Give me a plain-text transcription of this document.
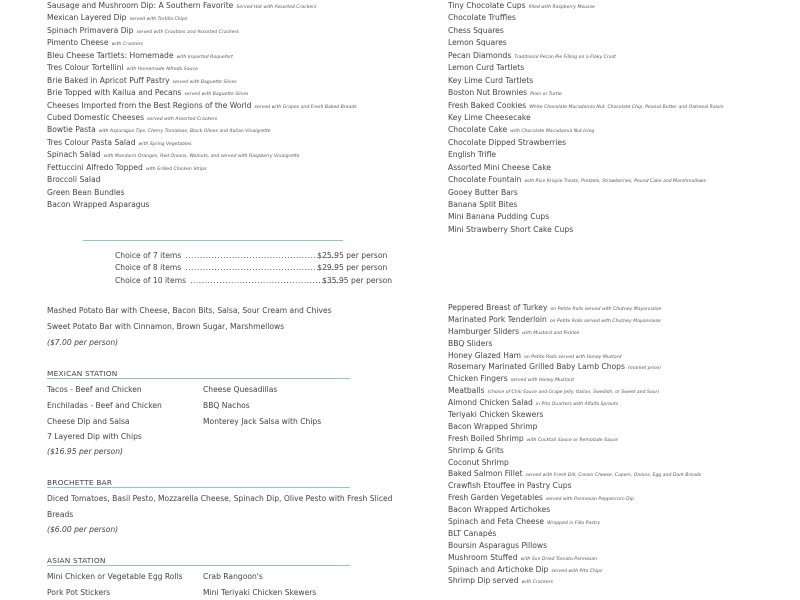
Sausage and Mushroom Dip: A Southern Favorite Served Hot with Assorted Crackers
Mexican Layered Dip served with Tortilla Chips
Spinach Primavera Dip served with Croutons and Assorted Crackers
Pimento Cheese with Crackers
Bleu Cheese Tartlets: Homemade with Imported Roquefort
Tres Colour Tortellini with Homemade Alfredo Sauce
Brie Baked in Apricot Puff Pastry served with Baguette Slices
Brie Topped with Kailua and Pecans served with Baguette Slices
Cheeses Imported from the Best Regions of the World served with Grapes and Fresh Baked Breads
Cubed Domestic Cheeses served with Assorted Crackers
Bowtie Pasta with Asparagus Tips, Cherry Tomatoes, Black Olives and Italian Vinaigrette
Tres Colour Pasta Salad with Spring Vegetables
Spinach Salad with Mandarin Oranges, Red Onions, Walnuts, and served with Raspberry Vinaigrette
Fettuccini Alfredo Topped with Grilled Chicken Strips
Broccoli Salad
Green Bean Bundles
Bacon Wrapped Asparagus
Tiny Chocolate Cups filled with Raspberry Mousse
Chocolate Truffles
Chess Squares
Lemon Squares
Pecan Diamonds Traditional Pecan Pie Filling on a Flaky Crust
Lemon Curd Tartlets
Key Lime Curd Tartlets
Boston Nut Brownies Plain or Turtle
Fresh Baked Cookies White Chocolate Macadamia Nut, Chocolate Chip, Peanut Butter and Oatmeal Raisin
Key Lime Cheesecake
Chocolate Cake with Chocolate Macadamia Nut Icing
Chocolate Dipped Strawberries
English Trifle
Assorted Mini Cheese Cake
Chocolate Fountain with Rice Krispie Treats, Pretzels, Strawberries, Pound Cake and Marshmallows
Gooey Butter Bars
Banana Split Bites
Mini Banana Pudding Cups
Mini Strawberry Short Cake Cups
Choice of 7 items ....................................................$25.95 per person
Choice of 8 items ....................................................$29.95 per person
Choice of 10 items ....................................................$35.95 per person
Mashed Potato Bar with Cheese, Bacon Bits, Salsa, Sour Cream and Chives
Sweet Potato Bar with Cinnamon, Brown Sugar, Marshmellows
($7.00 per person)
MEXICAN STATION
Tacos - Beef and Chicken
Enchiladas - Beef and Chicken
Cheese Dip and Salsa
7 Layered Dip with Chips
Cheese Quesadillas
BBQ Nachos
Monterey Jack Salsa with Chips
($16.95 per person)
BROCHETTE BAR
Diced Tomatoes, Basil Pesto, Mozzarella Cheese, Spinach Dip, Olive Pesto with Fresh Sliced
Breads
($6.00 per person)
ASIAN STATION
Mini Chicken or Vegetable Egg Rolls
Pork Pot Stickers
Crab Rangoon's
Mini Teriyaki Chicken Skewers
Peppered Breast of Turkey on Petite Rolls served with Chutney Mayonnaise
Marinated Pork Tenderloin on Petite Rolls served with Chutney Mayonnaise
Hamburger Sliders with Mustard and Pickles
BBQ Sliders
Honey Glazed Ham on Petite Rolls served with Honey Mustard
Rosemary Marinated Grilled Baby Lamb Chops (market price)
Chicken Fingers served with Honey Mustard
Meatballs (choice of Chili Sauce and Grape Jelly, Italian, Swedish, or Sweet and Sour)
Almond Chicken Salad in Pita Quarters with Alfalfa Sprouts
Teriyaki Chicken Skewers
Bacon Wrapped Shrimp
Fresh Boiled Shrimp with Cocktail Sauce or Remolade Sauce
Shrimp & Grits
Coconut Shrimp
Baked Salmon Fillet served with Fresh Dill, Cream Cheese, Capers, Onions, Egg and Dark Breads
Crawfish Etouffee in Pastry Cups
Fresh Garden Vegetables served with Parmesan Peppercorn Dip
Bacon Wrapped Artichokes
Spinach and Feta Cheese Wrapped in Fillo Pastry
BLT Canapés
Boursin Asparagus Pillows
Mushroom Stuffed with Sun Dried Tomato Parmesan
Spinach and Artichoke Dip served with Pita Chips
Shrimp Dip served with Crackers
